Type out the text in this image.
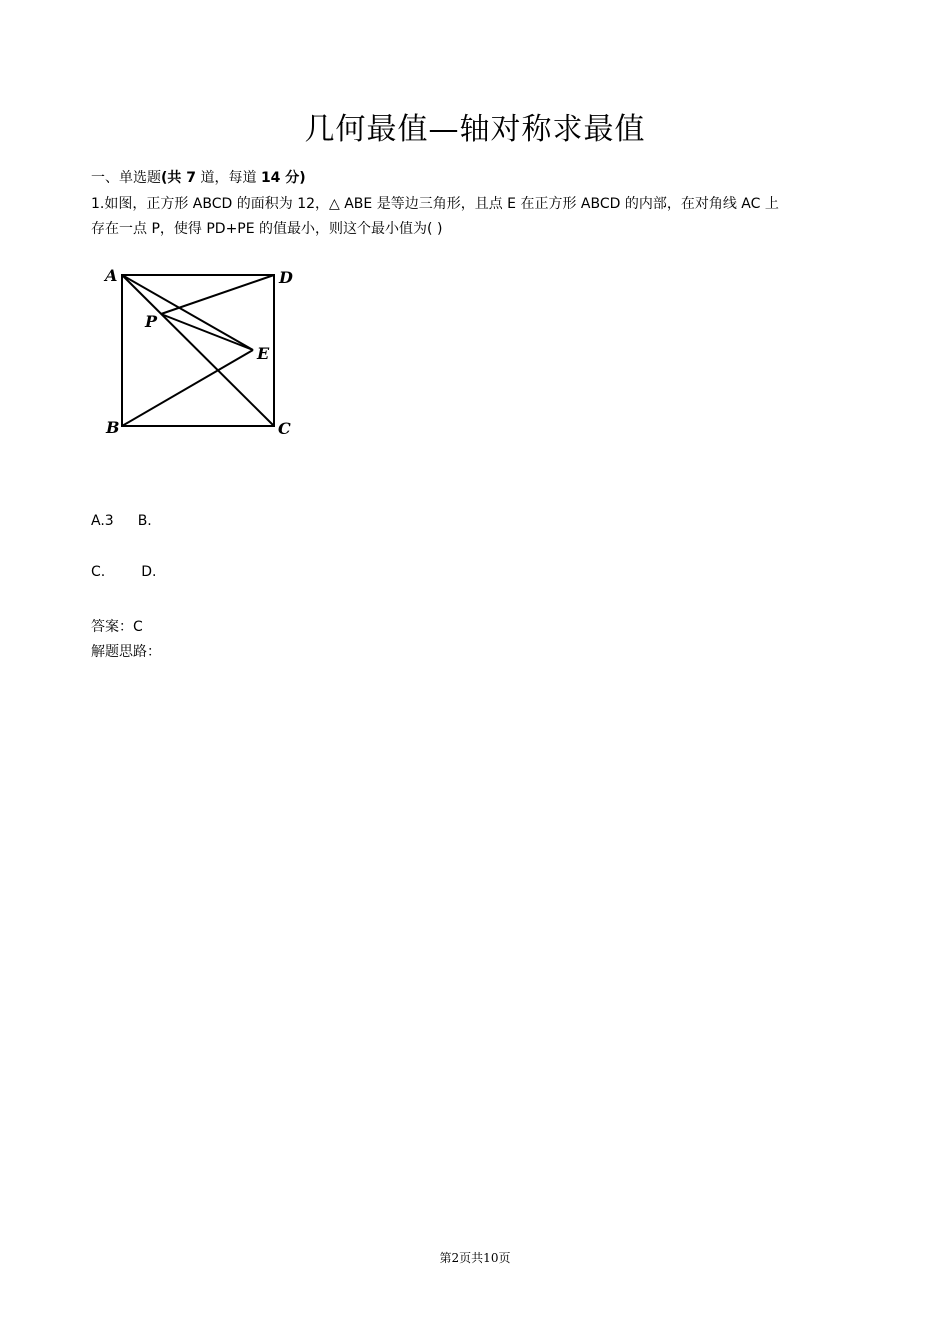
几何最值—轴对称求最值
一、单选题(共 7 道，每道 14 分)
1.如图，正方形 ABCD 的面积为 12，△ ABE 是等边三角形，且点 E 在正方形 ABCD 的内部，在对角线 AC 上
存在一点 P，使得 PD+PE 的值最小，则这个最小值为( )
A	D
P
E
B	C
A.3 B.
C.	D.
答案：C
解题思路：
第2页共10页
